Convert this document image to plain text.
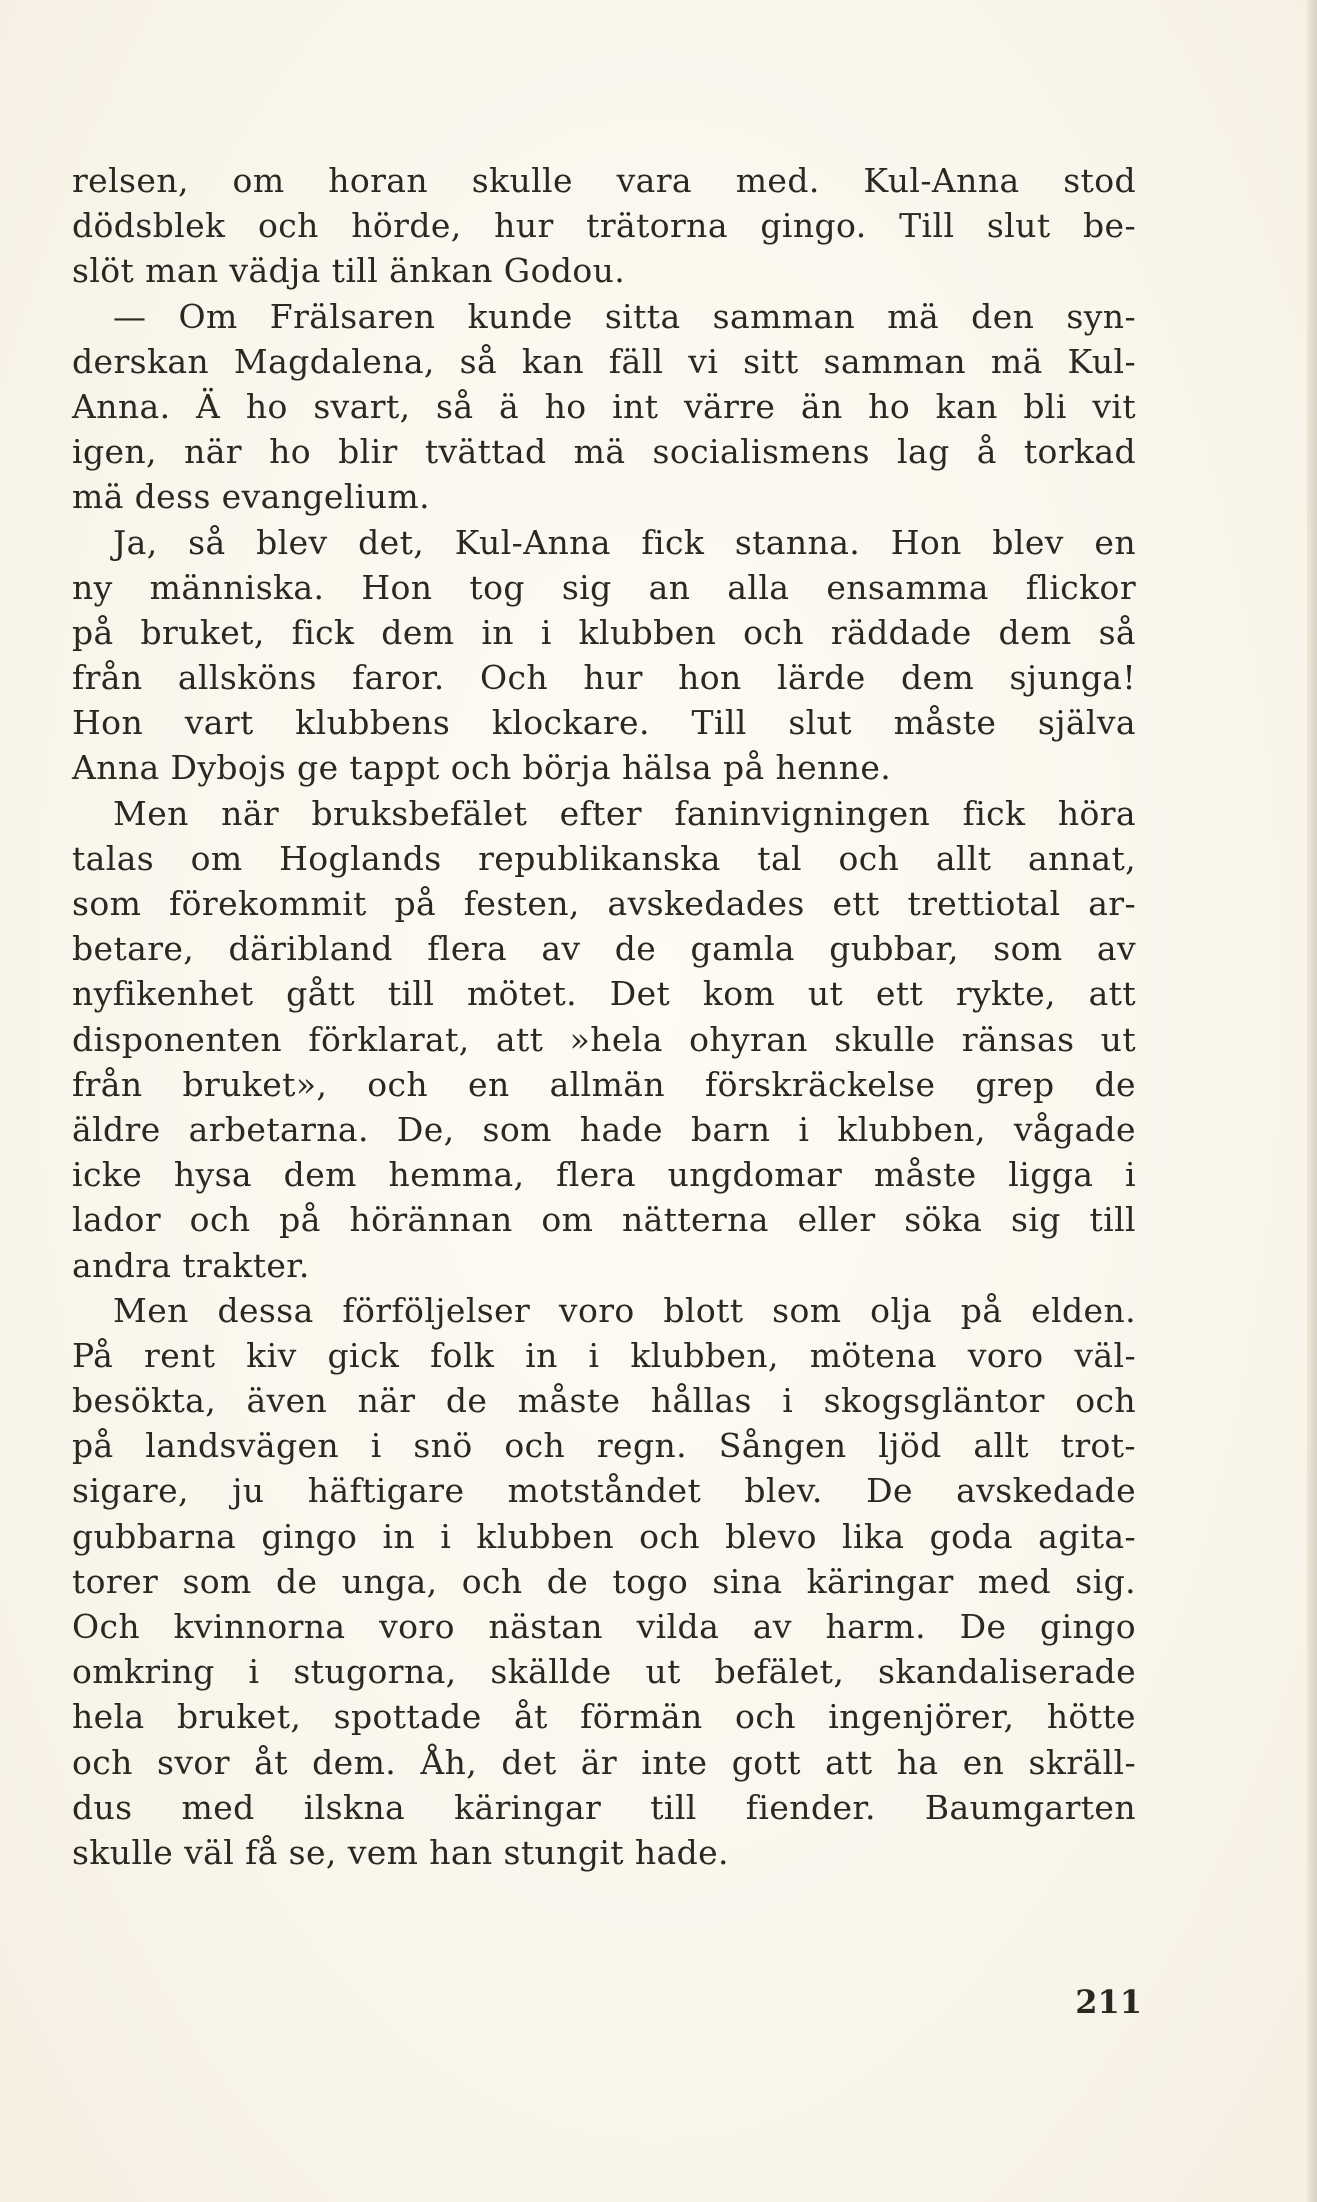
relsen, om horan skulle vara med. Kul-Anna stod
dödsblek och hörde, hur trätorna gingo. Till slut be-
slöt man vädja till änkan Godou.
— Om Frälsaren kunde sitta samman mä den syn-
derskan Magdalena, så kan fäll vi sitt samman mä Kul-
Anna. Ä ho svart, så ä ho int värre än ho kan bli vit
igen, när ho blir tvättad mä socialismens lag å torkad
mä dess evangelium.
Ja, så blev det, Kul-Anna fick stanna. Hon blev en
ny människa. Hon tog sig an alla ensamma flickor
på bruket, fick dem in i klubben och räddade dem så
från allsköns faror. Och hur hon lärde dem sjunga!
Hon vart klubbens klockare. Till slut måste själva
Anna Dybojs ge tappt och börja hälsa på henne.
Men när bruksbefälet efter faninvigningen fick höra
talas om Hoglands republikanska tal och allt annat,
som förekommit på festen, avskedades ett trettiotal ar-
betare, däribland flera av de gamla gubbar, som av
nyfikenhet gått till mötet. Det kom ut ett rykte, att
disponenten förklarat, att »hela ohyran skulle ränsas ut
från bruket», och en allmän förskräckelse grep de
äldre arbetarna. De, som hade barn i klubben, vågade
icke hysa dem hemma, flera ungdomar måste ligga i
lador och på hörännan om nätterna eller söka sig till
andra trakter.
Men dessa förföljelser voro blott som olja på elden.
På rent kiv gick folk in i klubben, mötena voro väl-
besökta, även när de måste hållas i skogsgläntor och
på landsvägen i snö och regn. Sången ljöd allt trot-
sigare, ju häftigare motståndet blev. De avskedade
gubbarna gingo in i klubben och blevo lika goda agita-
torer som de unga, och de togo sina käringar med sig.
Och kvinnorna voro nästan vilda av harm. De gingo
omkring i stugorna, skällde ut befälet, skandaliserade
hela bruket, spottade åt förmän och ingenjörer, hötte
och svor åt dem. Åh, det är inte gott att ha en skräll-
dus med ilskna käringar till fiender. Baumgarten
skulle väl få se, vem han stungit hade.
211
